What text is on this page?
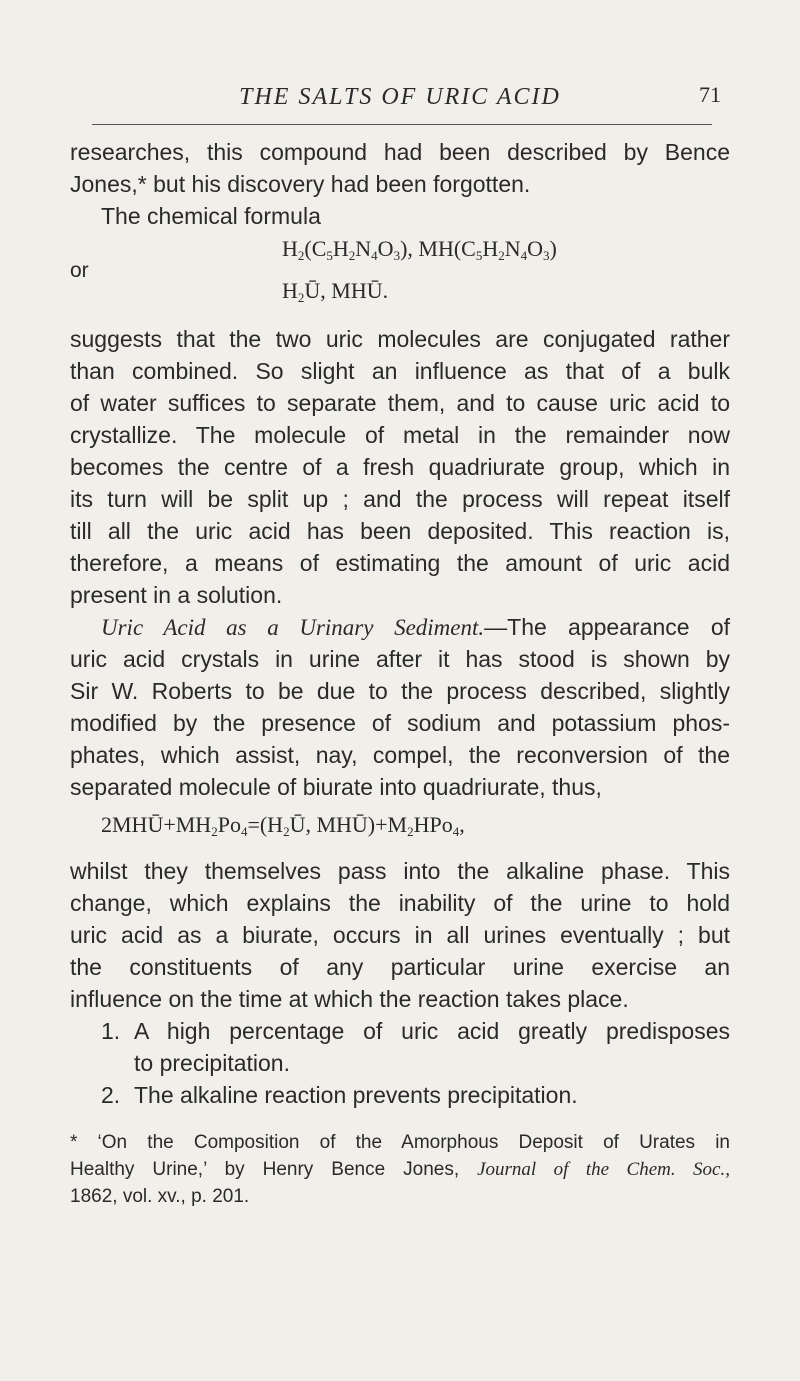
THE SALTS OF URIC ACID	71
researches, this compound had been described by Bence
Jones,* but his discovery had been forgotten.
The chemical formula
$H_2(C_5H_2N_4O_3)$, $MH(C_5H_2N_4O_3)$
or
$H_2Ū$, MHŪ.
suggests that the two uric molecules are conjugated rather
than combined. So slight an influence as that of a bulk
of water suffices to separate them, and to cause uric acid to
crystallize. The molecule of metal in the remainder now
becomes the centre of a fresh quadriurate group, which in
its turn will be split up ; and the process will repeat itself
till all the uric acid has been deposited. This reaction is,
therefore, a means of estimating the amount of uric acid
present in a solution.
Uric Acid as a Urinary Sediment.—The appearance of
uric acid crystals in urine after it has stood is shown by
Sir W. Roberts to be due to the process described, slightly
modified by the presence of sodium and potassium phos-
phates, which assist, nay, compel, the reconversion of the
separated molecule of biurate into quadriurate, thus,
$2MHŪ+MH_2Po_4=(H_2Ū$, $MHŪ)+M_2HPo_4$,
whilst they themselves pass into the alkaline phase. This
change, which explains the inability of the urine to hold
uric acid as a biurate, occurs in all urines eventually ; but
the constituents of any particular urine exercise an
influence on the time at which the reaction takes place.
1. A high percentage of uric acid greatly predisposes
to precipitation.
2. The alkaline reaction prevents precipitation.
* ‘On the Composition of the Amorphous Deposit of Urates in
Healthy Urine,’ by Henry Bence Jones, Journal of the Chem. Soc.,
1862, vol. xv., p. 201.
